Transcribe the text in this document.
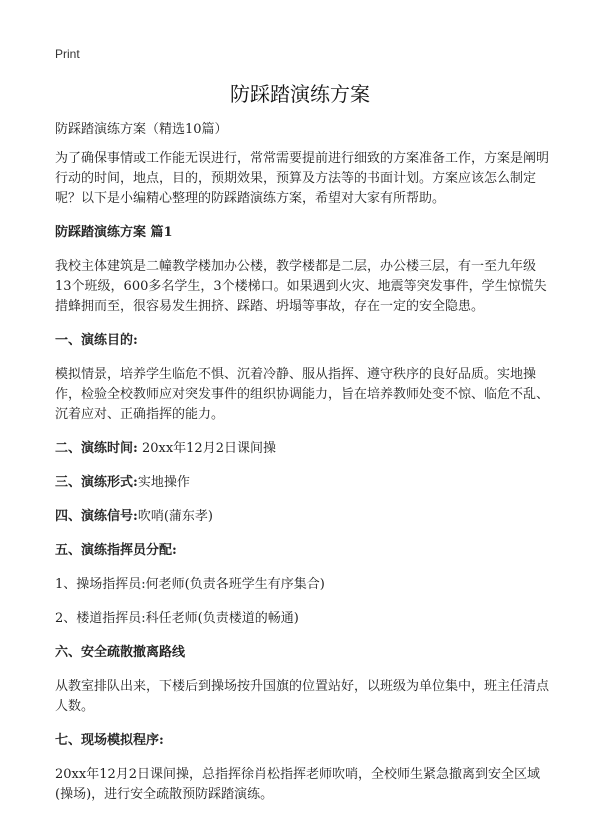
Print
防踩踏演练方案

防踩踏演练方案（精选10篇）

为了确保事情或工作能无误进行，常常需要提前进行细致的方案准备工作，方案是阐明行动的时间，地点，目的，预期效果，预算及方法等的书面计划。方案应该怎么制定呢？以下是小编精心整理的防踩踏演练方案，希望对大家有所帮助。

防踩踏演练方案 篇1

我校主体建筑是二幢教学楼加办公楼，教学楼都是二层，办公楼三层，有一至九年级13个班级，600多名学生，3个楼梯口。如果遇到火灾、地震等突发事件，学生惊慌失措蜂拥而至，很容易发生拥挤、踩踏、坍塌等事故，存在一定的安全隐患。

一、演练目的:

模拟情景，培养学生临危不惧、沉着冷静、服从指挥、遵守秩序的良好品质。实地操作，检验全校教师应对突发事件的组织协调能力，旨在培养教师处变不惊、临危不乱、沉着应对、正确指挥的能力。

二、演练时间: 20xx年12月2日课间操

三、演练形式:实地操作

四、演练信号:吹哨(蒲东孝)

五、演练指挥员分配:

1、操场指挥员:何老师(负责各班学生有序集合)

2、楼道指挥员:科任老师(负责楼道的畅通)

六、安全疏散撤离路线

从教室排队出来，下楼后到操场按升国旗的位置站好，以班级为单位集中，班主任清点人数。

七、现场模拟程序:

20xx年12月2日课间操，总指挥徐肖松指挥老师吹哨，全校师生紧急撤离到安全区域(操场)，进行安全疏散预防踩踏演练。
